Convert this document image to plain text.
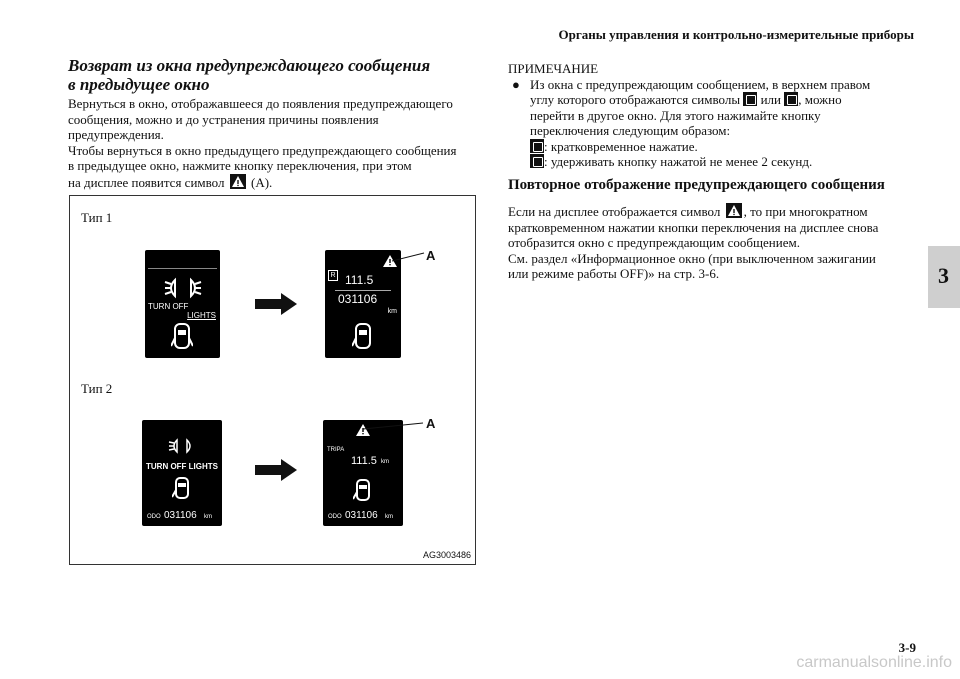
Органы управления и контрольно-измерительные приборы
3
3-9
carmanualsonline.info
Возврат из окна предупреждающего сообщения
в предыдущее окно
Вернуться в окно, отображавшееся до появления предупреждающего
сообщения, можно и до устранения причины появления
предупреждения.
Чтобы вернуться в окно предыдущего предупреждающего сообщения
в предыдущее окно, нажмите кнопку переключения, при этом
на дисплее появится символ (А).
Тип 1
Тип 2
TURN OFF
LIGHTS
R 111.5
031106
km
A
TURN OFF LIGHTS
ODO 031106 km
TRIPA
111.5 km
ODO 031106 km
A
AG3003486
ПРИМЕЧАНИЕ
● Из окна с предупреждающим сообщением, в верхнем правом
углу которого отображаются символы или , можно
перейти в другое окно. Для этого нажимайте кнопку
переключения следующим образом:
: кратковременное нажатие.
: удерживать кнопку нажатой не менее 2 секунд.
Повторное отображение предупреждающего сообщения
Если на дисплее отображается символ , то при многократном
кратковременном нажатии кнопки переключения на дисплее снова
отобразится окно с предупреждающим сообщением.
См. раздел «Информационное окно (при выключенном зажигании
или режиме работы OFF)» на стр. 3-6.
